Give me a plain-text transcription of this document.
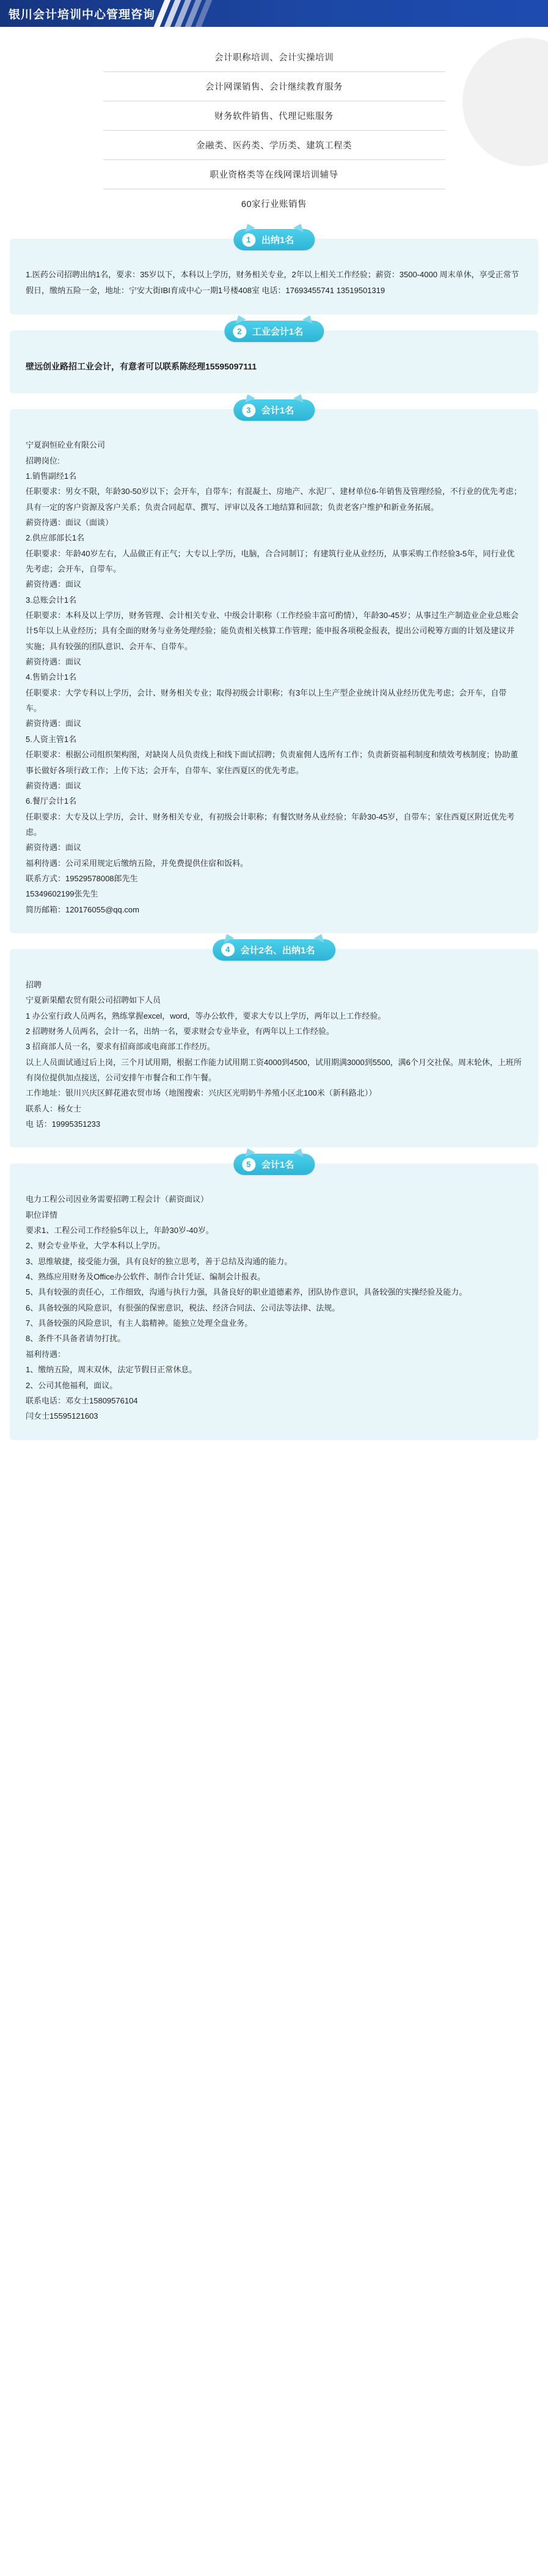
银川会计培训中心管理咨询
会计职称培训、会计实操培训
会计网课销售、会计继续教育服务
财务软件销售、代理记账服务
金融类、医药类、学历类、建筑工程类
职业资格类等在线网课培训辅导
60家行业账销售
1	出纳1名

1.医药公司招聘出纳1名，要求：35岁以下，本科以上学历，财务相关专业，2年以上相关工作经验；薪资：3500-4000 周末单休，享受正常节假日，缴纳五险一金，地址：宁安大街IBI育成中心一期1号楼408室 电话：17693455741 13519501319

2	工业会计1名

壁远创业路招工业会计，有意者可以联系陈经理15595097111

3	会计1名

宁夏润恒砼业有限公司

招聘岗位:

1.销售副经1名

任职要求：男女不限，年龄30-50岁以下；会开车，自带车；有混凝土、房地产、水泥厂、建材单位6-年销售及管理经验，不行业的优先考虑；具有一定的客户资源及客户关系；负责合同起草、撰写、评审以及各工地结算和回款；负责老客户维护和新业务拓展。

薪资待遇：面议（面谈）

2.供应部部长1名

任职要求：年龄40岁左右，人品做正有正气；大专以上学历，电脑，合合同制订；有建筑行业从业经历，从事采购工作经验3-5年，同行业优先考虑；会开车，自带车。

薪资待遇：面议

3.总账会计1名

任职要求：本科及以上学历，财务管理、会计相关专业、中级会计职称（工作经验丰富可酌情），年龄30-45岁；从事过生产制造业企业总账会计5年以上从业经历；具有全面的财务与业务处理经验；能负责相关核算工作管理；能申报各项税金报表，提出公司税筹方面的计划及建议并实施；具有较强的团队意识、会开车、自带车。

薪资待遇：面议

4.售销会计1名

任职要求：大学专科以上学历，会计、财务相关专业；取得初级会计职称；有3年以上生产型企业统计岗从业经历优先考虑；会开车，自带车。

薪资待遇：面议

5.人资主管1名

任职要求：根据公司组织架构图，对缺岗人员负责线上和线下面试招聘；负责雇佣人选所有工作；负责新资福利制度和绩效考核制度；协助董事长做好各项行政工作；上传下达；会开车，自带车、家住西夏区的优先考虑。

薪资待遇：面议

6.餐厅会计1名

任职要求：大专及以上学历，会计、财务相关专业，有初级会计职称；有餐饮财务从业经验；年龄30-45岁，自带车；家住西夏区附近优先考虑。

薪资待遇：面议

福利待遇：公司采用规定后缴纳五险，并免费提供住宿和饭料。

联系方式：19529578008郎先生

15349602199张先生

简历邮箱：120176055@qq.com

4	会计2名、出纳1名

招聘

宁夏新果醋农贸有限公司招聘如下人员

1 办公室行政人员两名，熟练掌握excel，word，等办公软件，要求大专以上学历，两年以上工作经验。

2 招聘财务人员两名，会计一名，出纳一名，要求财会专业毕业，有两年以上工作经验。

3 招商部人员一名，要求有招商部或电商部工作经历。

以上人员面试通过后上岗，三个月试用期，根据工作能力试用期工资4000到4500，试用期满3000到5500，满6个月交社保。周末轮休，上班所有岗位提供加点接送，公司安排午市餐合和工作午餐。

工作地址：银川兴庆区鲜花港农贸市场（地图搜索：兴庆区光明奶牛养殖小区北100米（新科路北））

联系人：杨女士

电 话：19995351233

5	会计1名

电力工程公司因业务需要招聘工程会计（薪资面议）

职位详情

要求1、工程公司工作经验5年以上，年龄30岁-40岁。

2、财会专业毕业，大学本科以上学历。

3、思维敏捷，接受能力强，具有良好的独立思考，善于总结及沟通的能力。

4、熟练应用财务及Office办公软件、制作合计凭证、编制会计报表。

5、具有较强的责任心，工作细致，沟通与执行力强，具备良好的职业道德素养，团队协作意识，具备较强的实操经验及能力。

6、具备较强的风险意识，有很强的保密意识，税法、经济合同法、公司法等法律、法规。

7、具备较强的风险意识，有主人翁精神。能独立处理全盘业务。

8、条件不具备者请勿打扰。

福利待遇：

1、缴纳五险，周末双休，法定节假日正常休息。

2、公司其他福利，面议。

联系电话：邓女士15809576104

闫女士15595121603
